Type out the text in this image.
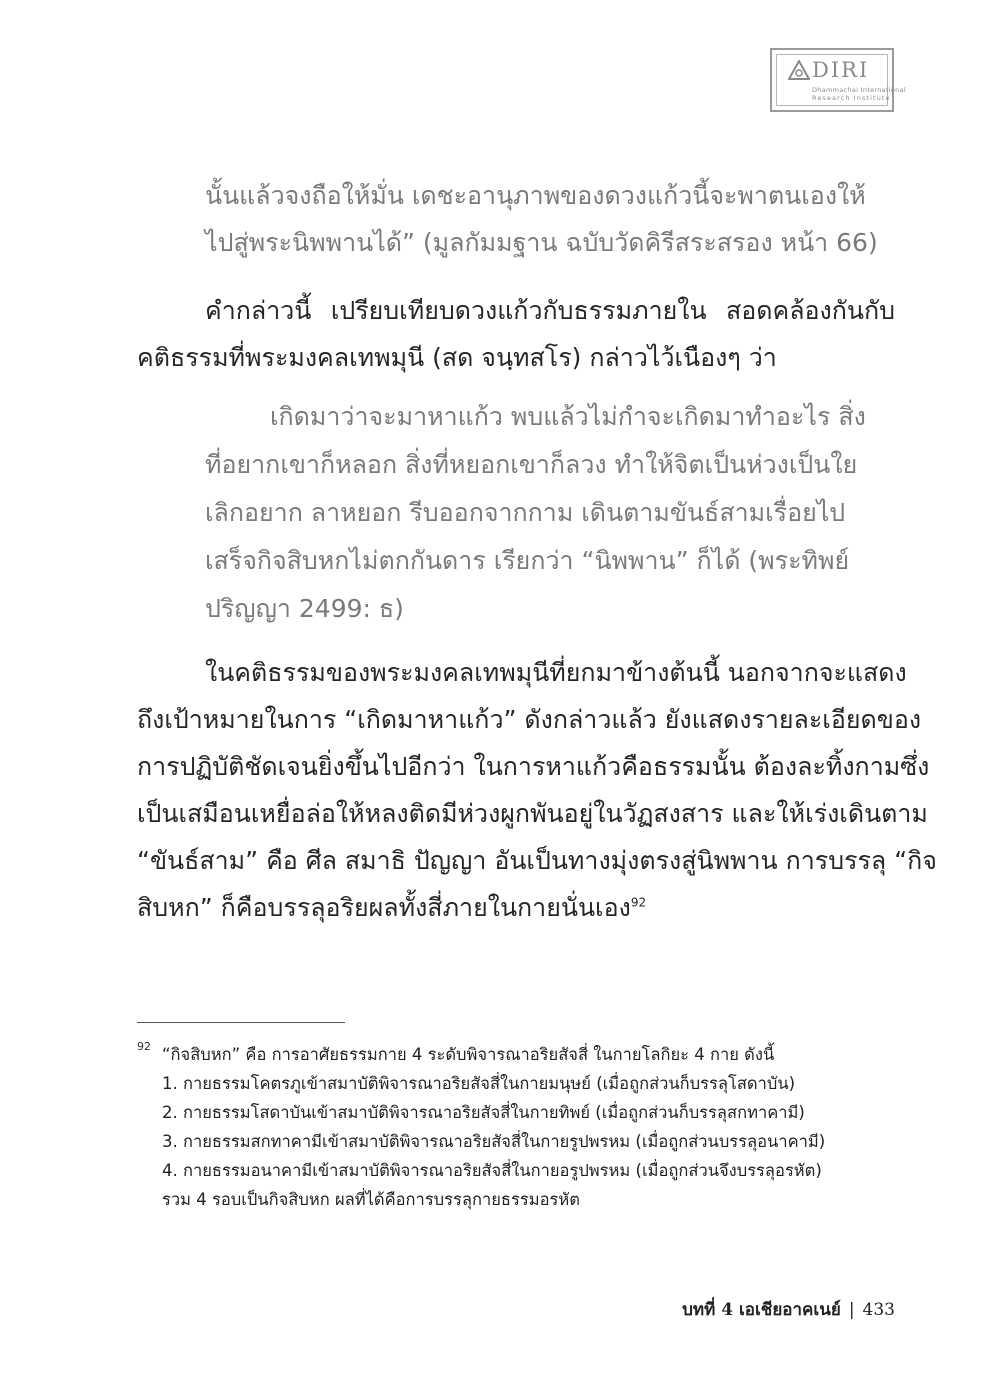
DIRI
Dhammachai International
Research Institute
นั้นแล้วจงถือให้มั่น เดชะอานุภาพของดวงแก้วนี้จะพาตนเองให้
ไปสู่พระนิพพานได้” (มูลกัมมฐาน ฉบับวัดคิรีสระสรอง หน้า 66)
คำกล่าวนี้ เปรียบเทียบดวงแก้วกับธรรมภายใน สอดคล้องกันกับ
คติธรรมที่พระมงคลเทพมุนี (สด จนฺทสโร) กล่าวไว้เนืองๆ ว่า
เกิดมาว่าจะมาหาแก้ว พบแล้วไม่กำจะเกิดมาทำอะไร สิ่ง
ที่อยากเขาก็หลอก สิ่งที่หยอกเขาก็ลวง ทำให้จิตเป็นห่วงเป็นใย
เลิกอยาก ลาหยอก รีบออกจากกาม เดินตามขันธ์สามเรื่อยไป
เสร็จกิจสิบหกไม่ตกกันดาร เรียกว่า “นิพพาน” ก็ได้ (พระทิพย์
ปริญญา 2499: ธ)
ในคติธรรมของพระมงคลเทพมุนีที่ยกมาข้างต้นนี้ นอกจากจะแสดง
ถึงเป้าหมายในการ “เกิดมาหาแก้ว” ดังกล่าวแล้ว ยังแสดงรายละเอียดของ
การปฏิบัติชัดเจนยิ่งขึ้นไปอีกว่า ในการหาแก้วคือธรรมนั้น ต้องละทิ้งกามซึ่ง
เป็นเสมือนเหยื่อล่อให้หลงติดมีห่วงผูกพันอยู่ในวัฏสงสาร และให้เร่งเดินตาม
“ขันธ์สาม” คือ ศีล สมาธิ ปัญญา อันเป็นทางมุ่งตรงสู่นิพพาน การบรรลุ “กิจ
สิบหก” ก็คือบรรลุอริยผลทั้งสี่ภายในกายนั่นเอง$^{92}$
92 “กิจสิบหก” คือ การอาศัยธรรมกาย 4 ระดับพิจารณาอริยสัจสี่ ในกายโลกิยะ 4 กาย ดังนี้
1. กายธรรมโคตรภูเข้าสมาบัติพิจารณาอริยสัจสี่ในกายมนุษย์ (เมื่อถูกส่วนก็บรรลุโสดาบัน)
2. กายธรรมโสดาบันเข้าสมาบัติพิจารณาอริยสัจสี่ในกายทิพย์ (เมื่อถูกส่วนก็บรรลุสกทาคามี)
3. กายธรรมสกทาคามีเข้าสมาบัติพิจารณาอริยสัจสี่ในกายรูปพรหม (เมื่อถูกส่วนบรรลุอนาคามี)
4. กายธรรมอนาคามีเข้าสมาบัติพิจารณาอริยสัจสี่ในกายอรูปพรหม (เมื่อถูกส่วนจึงบรรลุอรหัต)
รวม 4 รอบเป็นกิจสิบหก ผลที่ได้คือการบรรลุกายธรรมอรหัต
บทที่ 4 เอเชียอาคเนย์ | 433
